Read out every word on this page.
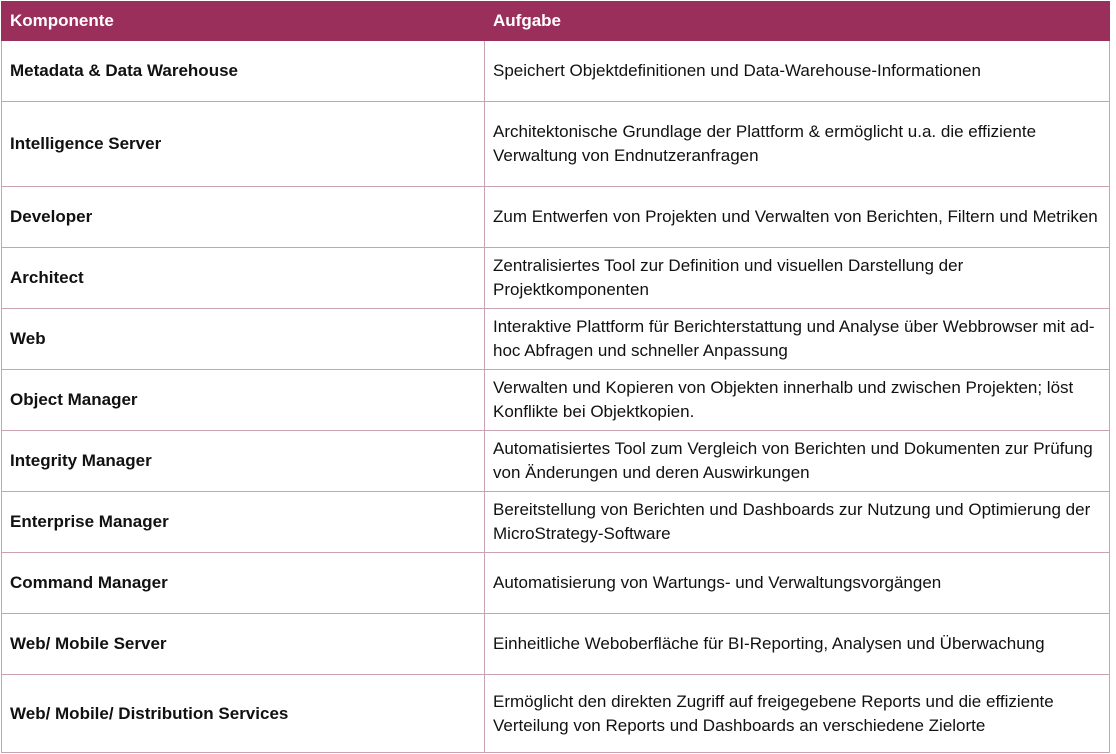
Komponente	Aufgabe
Metadata & Data Warehouse	Speichert Objektdefinitionen und Data-Warehouse-Informationen
Intelligence Server	Architektonische Grundlage der Plattform & ermöglicht u.a. die effiziente Verwaltung von Endnutzeranfragen
Developer	Zum Entwerfen von Projekten und Verwalten von Berichten, Filtern und Metriken
Architect	Zentralisiertes Tool zur Definition und visuellen Darstellung der Projektkomponenten
Web	Interaktive Plattform für Berichterstattung und Analyse über Webbrowser mit ad-hoc Abfragen und schneller Anpassung
Object Manager	Verwalten und Kopieren von Objekten innerhalb und zwischen Projekten; löst Konflikte bei Objektkopien.
Integrity Manager	Automatisiertes Tool zum Vergleich von Berichten und Dokumenten zur Prüfung von Änderungen und deren Auswirkungen
Enterprise Manager	Bereitstellung von Berichten und Dashboards zur Nutzung und Optimierung der MicroStrategy-Software
Command Manager	Automatisierung von Wartungs- und Verwaltungsvorgängen
Web/ Mobile Server	Einheitliche Weboberfläche für BI-Reporting, Analysen und Überwachung
Web/ Mobile/ Distribution Services	Ermöglicht den direkten Zugriff auf freigegebene Reports und die effiziente Verteilung von Reports und Dashboards an verschiedene Zielorte
